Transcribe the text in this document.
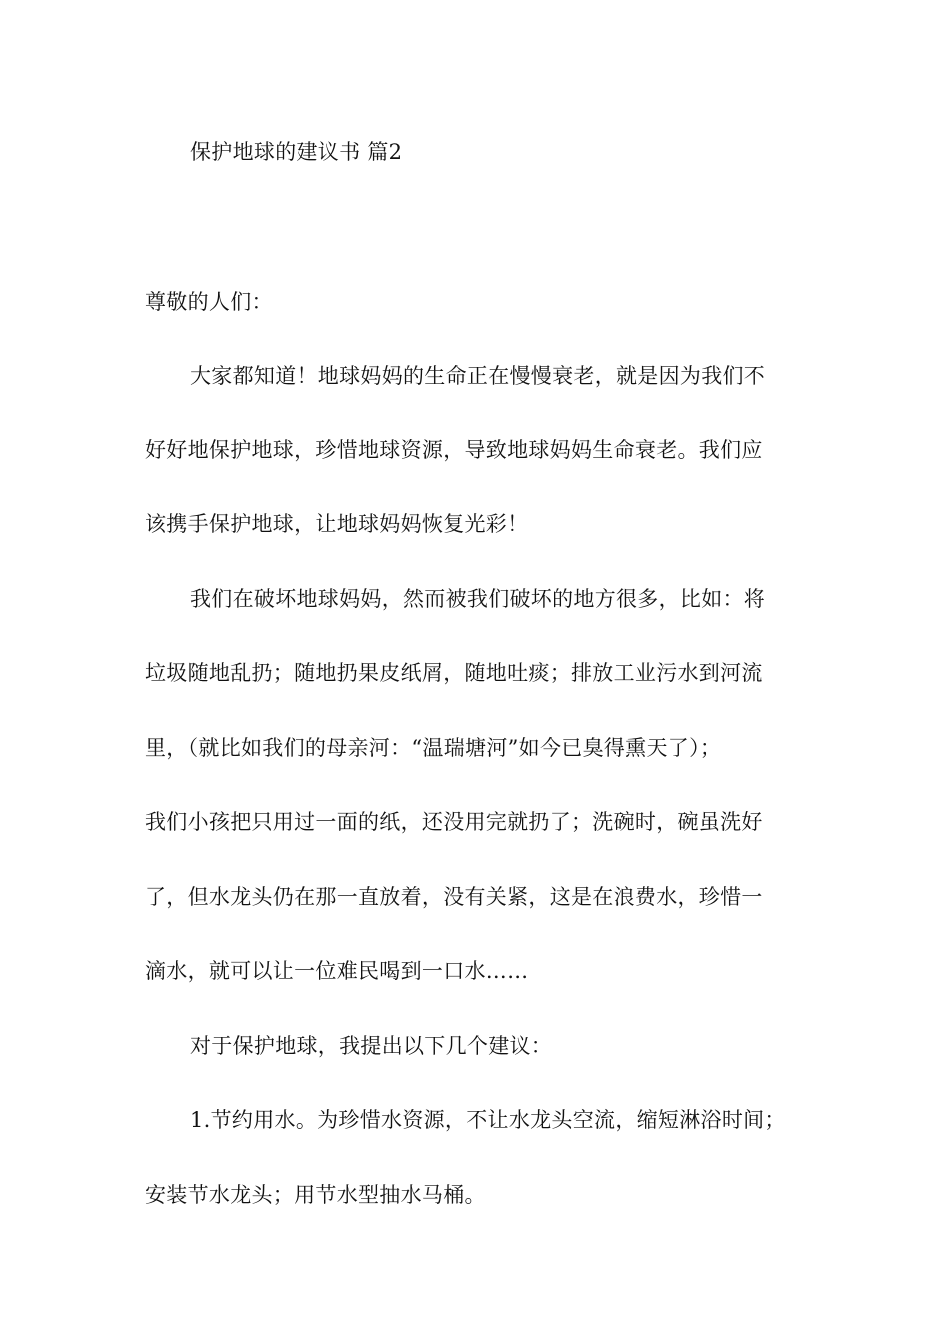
保护地球的建议书 篇2
尊敬的人们：
大家都知道！地球妈妈的生命正在慢慢衰老，就是因为我们不
好好地保护地球，珍惜地球资源，导致地球妈妈生命衰老。我们应
该携手保护地球，让地球妈妈恢复光彩！
我们在破坏地球妈妈，然而被我们破坏的地方很多，比如：将
垃圾随地乱扔；随地扔果皮纸屑，随地吐痰；排放工业污水到河流
里，（就比如我们的母亲河：“温瑞塘河”如今已臭得熏天了）；
我们小孩把只用过一面的纸，还没用完就扔了；洗碗时，碗虽洗好
了，但水龙头仍在那一直放着，没有关紧，这是在浪费水，珍惜一
滴水，就可以让一位难民喝到一口水……
对于保护地球，我提出以下几个建议：
1.节约用水。为珍惜水资源，不让水龙头空流，缩短淋浴时间；
安装节水龙头；用节水型抽水马桶。
